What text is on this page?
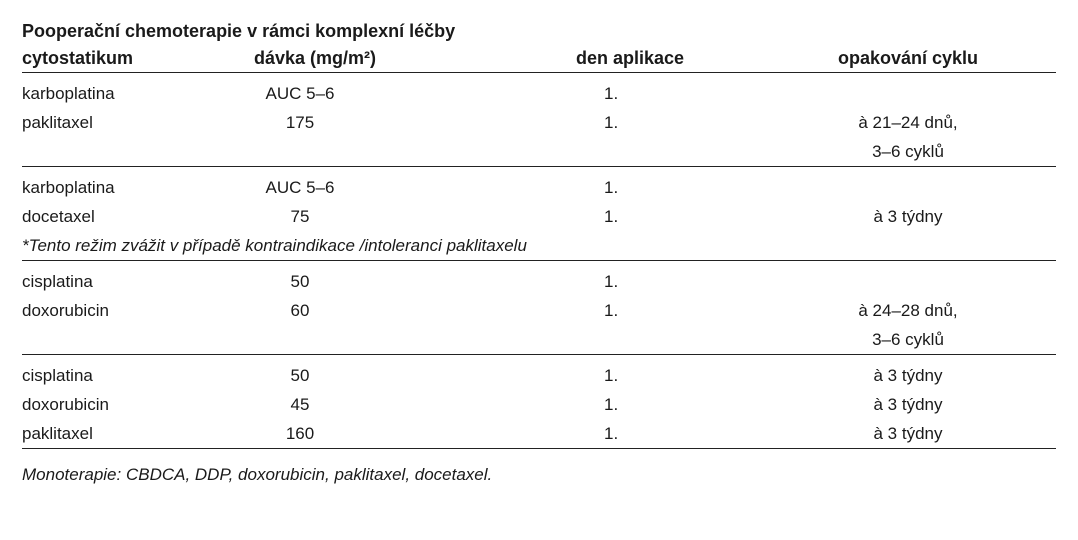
Pooperační chemoterapie v rámci komplexní léčby
cytostatikum	dávka (mg/m²)	den aplikace	opakování cyklu
karboplatina	AUC 5–6	1.	
paklitaxel	175	1.	à 21–24 dnů,
			3–6 cyklů
karboplatina	AUC 5–6	1.	
docetaxel	75	1.	à 3 týdny
*Tento režim zvážit v případě kontraindikace /intoleranci paklitaxelu			
cisplatina	50	1.	
doxorubicin	60	1.	à 24–28 dnů,
			3–6 cyklů
cisplatina	50	1.	à 3 týdny
doxorubicin	45	1.	à 3 týdny
paklitaxel	160	1.	à 3 týdny
Monoterapie: CBDCA, DDP, doxorubicin, paklitaxel, docetaxel.
